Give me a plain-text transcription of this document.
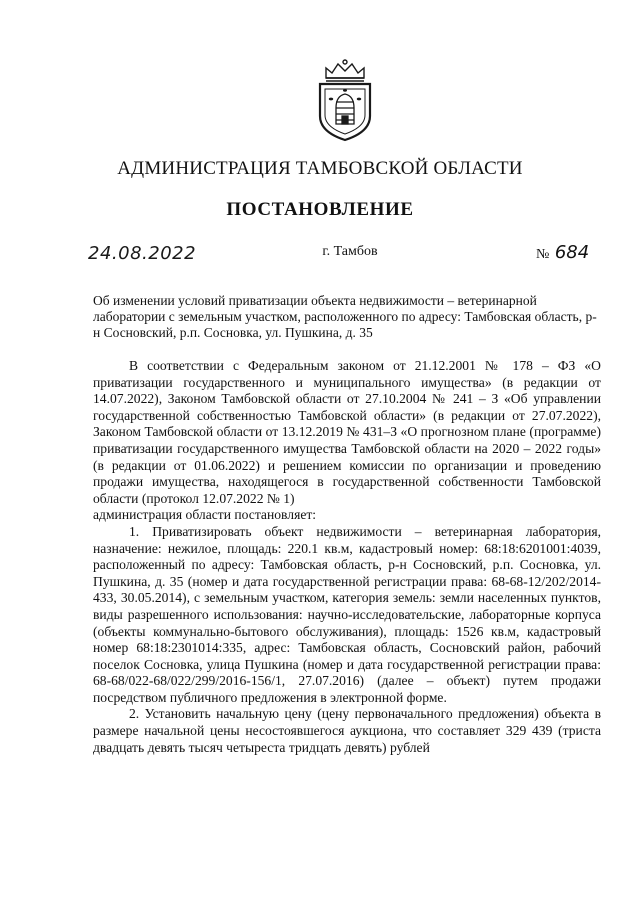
АДМИНИСТРАЦИЯ ТАМБОВСКОЙ ОБЛАСТИ
ПОСТАНОВЛЕНИЕ
24.08.2022	г. Тамбов	№ 684
Об изменении условий приватизации объекта недвижимости – ветеринарной лаборатории с земельным участком, расположенного по адресу: Тамбовская область, р-н Сосновский, р.п. Сосновка, ул. Пушкина, д. 35

В соответствии с Федеральным законом от 21.12.2001 № 178 – ФЗ «О приватизации государственного и муниципального имущества» (в редакции от 14.07.2022), Законом Тамбовской области от 27.10.2004 № 241 – З «Об управлении государственной собственностью Тамбовской области» (в редакции от 27.07.2022), Законом Тамбовской области от 13.12.2019 № 431–З «О прогнозном плане (программе) приватизации государственного имущества Тамбовской области на 2020 – 2022 годы» (в редакции от 01.06.2022) и решением комиссии по организации и проведению продажи имущества, находящегося в государственной собственности Тамбовской области (протокол 12.07.2022 № 1)

администрация области постановляет:

1. Приватизировать объект недвижимости – ветеринарная лаборатория, назначение: нежилое, площадь: 220.1 кв.м, кадастровый номер: 68:18:6201001:4039, расположенный по адресу: Тамбовская область, р-н Сосновский, р.п. Сосновка, ул. Пушкина, д. 35 (номер и дата государственной регистрации права: 68-68-12/202/2014-433, 30.05.2014), с земельным участком, категория земель: земли населенных пунктов, виды разрешенного использования: научно-исследовательские, лабораторные корпуса (объекты коммунально-бытового обслуживания), площадь: 1526 кв.м, кадастровый номер 68:18:2301014:335, адрес: Тамбовская область, Сосновский район, рабочий поселок Сосновка, улица Пушкина (номер и дата государственной регистрации права: 68-68/022-68/022/299/2016-156/1, 27.07.2016) (далее – объект) путем продажи посредством публичного предложения в электронной форме.

2. Установить начальную цену (цену первоначального предложения) объекта в размере начальной цены несостоявшегося аукциона, что составляет 329 439 (триста двадцать девять тысяч четыреста тридцать девять) рублей
